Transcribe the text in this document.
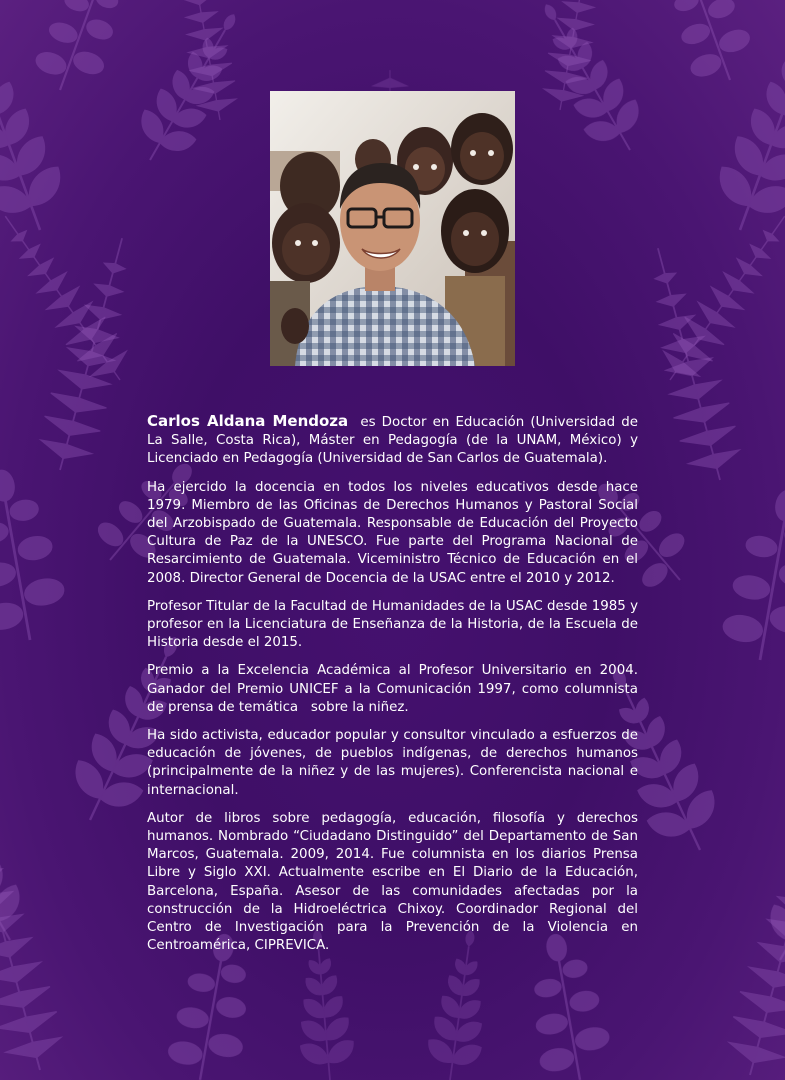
Carlos Aldana Mendoza  es Doctor en Educación (Universidad de La Salle, Costa Rica), Máster en Pedagogía (de la UNAM, México) y Licenciado en Pedagogía (Universidad de San Carlos de Guatemala).

Ha ejercido la docencia en todos los niveles educativos desde hace 1979. Miembro de las Oficinas de Derechos Humanos y Pastoral Social del Arzobispado de Guatemala. Responsable de Educación del Proyecto Cultura de Paz de la UNESCO. Fue parte del Programa Nacional de Resarcimiento de Guatemala. Viceministro Técnico de Educación en el 2008. Director General de Docencia de la USAC entre el 2010 y 2012.

Profesor Titular de la Facultad de Humanidades de la USAC desde 1985 y profesor en la Licenciatura de Enseñanza de la Historia, de la Escuela de Historia desde el 2015.

Premio a la Excelencia Académica al Profesor Universitario en 2004. Ganador del Premio UNICEF a la Comunicación 1997, como columnista de prensa de temática   sobre la niñez.

Ha sido activista, educador popular y consultor vinculado a esfuerzos de educación de jóvenes, de pueblos indígenas, de derechos humanos (principalmente de la niñez y de las mujeres). Conferencista nacional e internacional.

Autor de libros sobre pedagogía, educación, filosofía y derechos humanos. Nombrado “Ciudadano Distinguido” del Departamento de San Marcos, Guatemala. 2009, 2014. Fue columnista en los diarios Prensa Libre y Siglo XXI. Actualmente escribe en El Diario de la Educación, Barcelona, España. Asesor de las comunidades afectadas por la construcción de la Hidroeléctrica Chixoy. Coordinador Regional del Centro de Investigación para la Prevención de la Violencia en Centroamérica, CIPREVICA.
